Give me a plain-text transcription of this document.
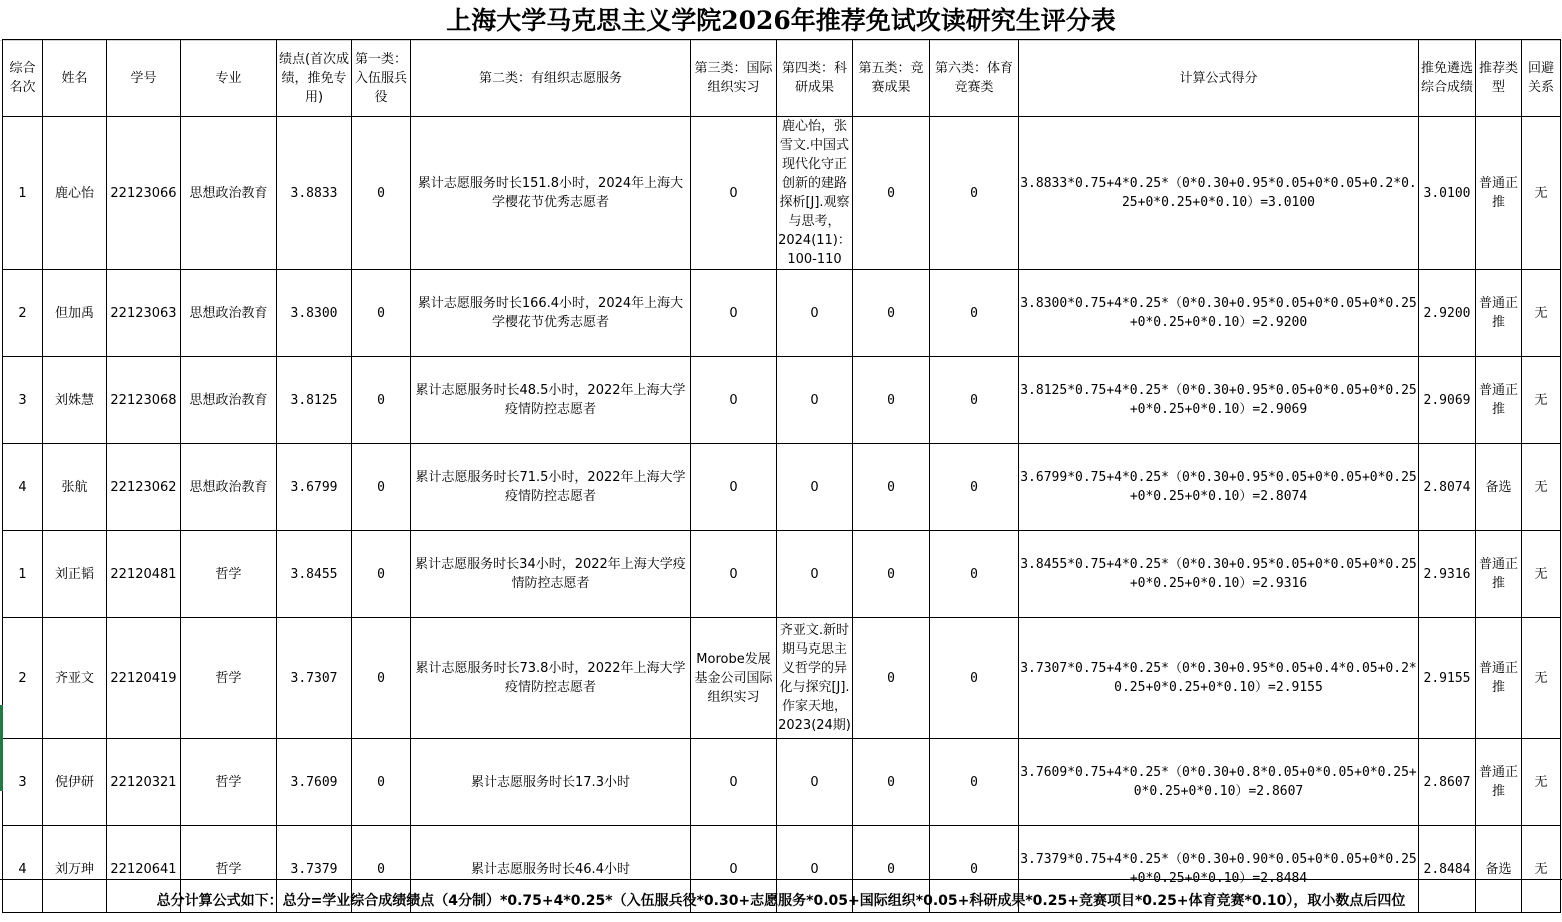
上海大学马克思主义学院2026年推荐免试攻读研究生评分表
综合名次	姓名	学号	专业	绩点(首次成绩，推免专用)	第一类：入伍服兵役	第二类：有组织志愿服务	第三类：国际组织实习	第四类：科研成果	第五类：竞赛成果	第六类：体育竞赛类	计算公式得分	推免遴选综合成绩	推荐类型	回避关系
1	鹿心怡	22123066	思想政治教育	3.8833	0	累计志愿服务时长151.8小时，2024年上海大学樱花节优秀志愿者	0	鹿心怡，张雪文.中国式现代化守正创新的建路探析[J].观察与思考，2024(11)：100-110	0	0	3.8833*0.75+4*0.25*（0*0.30+0.95*0.05+0*0.05+0.2*0.25+0*0.25+0*0.10）=3.0100	3.0100	普通正推	无
2	但加禹	22123063	思想政治教育	3.8300	0	累计志愿服务时长166.4小时，2024年上海大学樱花节优秀志愿者	0	0	0	0	3.8300*0.75+4*0.25*（0*0.30+0.95*0.05+0*0.05+0*0.25+0*0.25+0*0.10）=2.9200	2.9200	普通正推	无
3	刘姝慧	22123068	思想政治教育	3.8125	0	累计志愿服务时长48.5小时，2022年上海大学疫情防控志愿者	0	0	0	0	3.8125*0.75+4*0.25*（0*0.30+0.95*0.05+0*0.05+0*0.25+0*0.25+0*0.10）=2.9069	2.9069	普通正推	无
4	张航	22123062	思想政治教育	3.6799	0	累计志愿服务时长71.5小时，2022年上海大学疫情防控志愿者	0	0	0	0	3.6799*0.75+4*0.25*（0*0.30+0.95*0.05+0*0.05+0*0.25+0*0.25+0*0.10）=2.8074	2.8074	备选	无
1	刘正韬	22120481	哲学	3.8455	0	累计志愿服务时长34小时，2022年上海大学疫情防控志愿者	0	0	0	0	3.8455*0.75+4*0.25*（0*0.30+0.95*0.05+0*0.05+0*0.25+0*0.25+0*0.10）=2.9316	2.9316	普通正推	无
2	齐亚文	22120419	哲学	3.7307	0	累计志愿服务时长73.8小时，2022年上海大学疫情防控志愿者	Morobe发展基金公司国际组织实习	齐亚文.新时期马克思主义哲学的异化与探究[J].作家天地，2023(24期)	0	0	3.7307*0.75+4*0.25*（0*0.30+0.95*0.05+0.4*0.05+0.2*0.25+0*0.25+0*0.10）=2.9155	2.9155	普通正推	无
3	倪伊研	22120321	哲学	3.7609	0	累计志愿服务时长17.3小时	0	0	0	0	3.7609*0.75+4*0.25*（0*0.30+0.8*0.05+0*0.05+0*0.25+0*0.25+0*0.10）=2.8607	2.8607	普通正推	无
4	刘万珅	22120641	哲学	3.7379	0	累计志愿服务时长46.4小时	0	0	0	0	3.7379*0.75+4*0.25*（0*0.30+0.90*0.05+0*0.05+0*0.25+0*0.25+0*0.10）=2.8484	2.8484	备选	无
总分计算公式如下：总分=学业综合成绩绩点（4分制）*0.75+4*0.25*（入伍服兵役*0.30+志愿服务*0.05+国际组织*0.05+科研成果*0.25+竞赛项目*0.25+体育竞赛*0.10），取小数点后四位
